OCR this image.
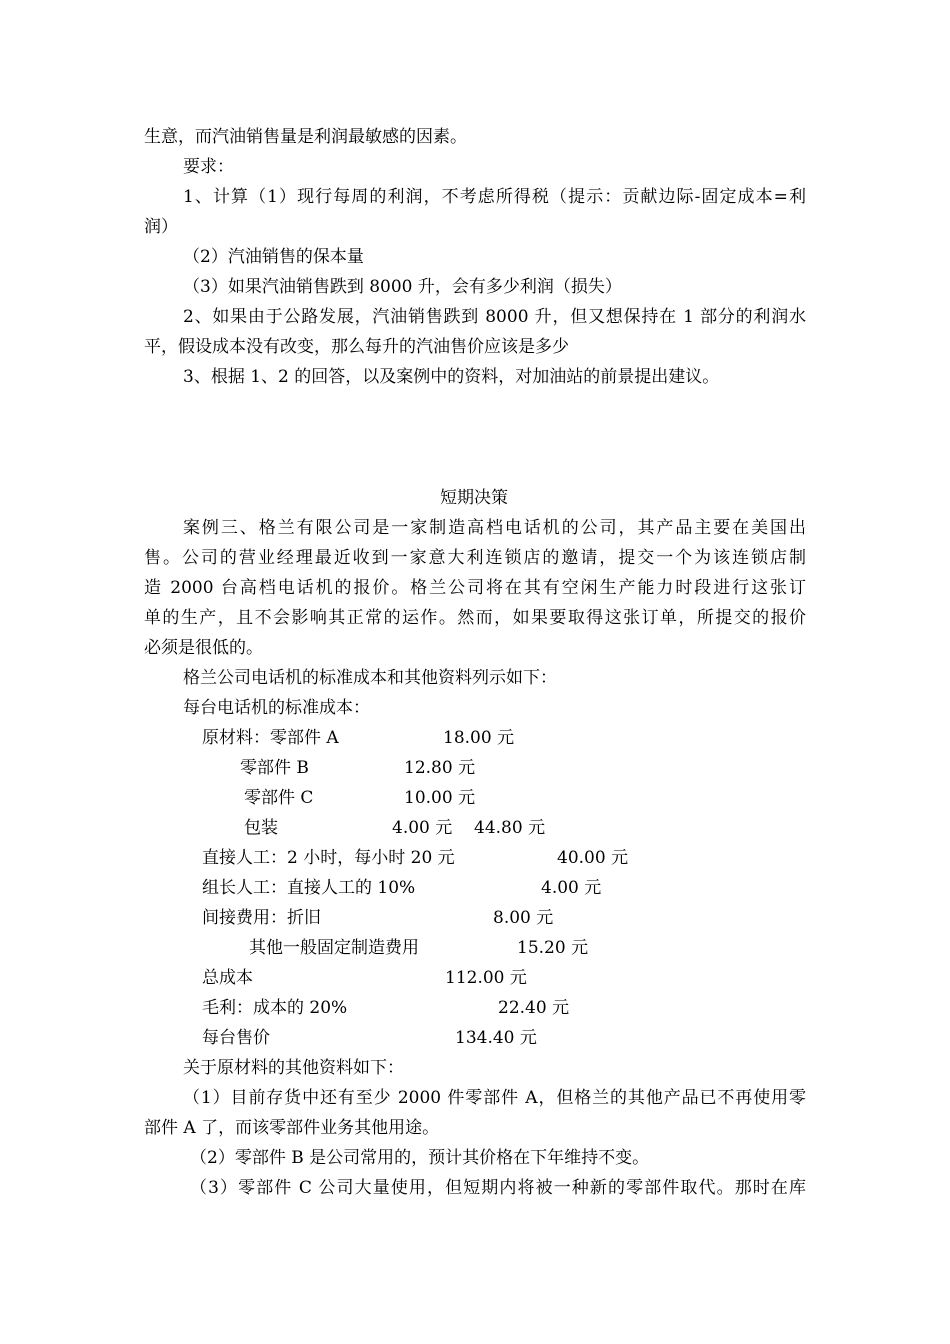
生意，而汽油销售量是利润最敏感的因素。
要求：
1、计算（1）现行每周的利润，不考虑所得税（提示：贡献边际-固定成本=利
润）
（2）汽油销售的保本量
（3）如果汽油销售跌到 8000 升，会有多少利润（损失）
2、如果由于公路发展，汽油销售跌到 8000 升，但又想保持在 1 部分的利润水
平，假设成本没有改变，那么每升的汽油售价应该是多少
3、根据 1、2 的回答，以及案例中的资料，对加油站的前景提出建议。
短期决策
案例三、格兰有限公司是一家制造高档电话机的公司，其产品主要在美国出
售。公司的营业经理最近收到一家意大利连锁店的邀请，提交一个为该连锁店制
造 2000 台高档电话机的报价。格兰公司将在其有空闲生产能力时段进行这张订
单的生产，且不会影响其正常的运作。然而，如果要取得这张订单，所提交的报价
必须是很低的。
格兰公司电话机的标准成本和其他资料列示如下：
每台电话机的标准成本：
原材料：零部件 A	18.00 元
零部件 B	12.80 元
零部件 C	10.00 元
包装	4.00 元 44.80 元
直接人工：2 小时，每小时 20 元	40.00 元
组长人工：直接人工的 10%	4.00 元
间接费用：折旧	8.00 元
其他一般固定制造费用	15.20 元
总成本	112.00 元
毛利：成本的 20%	22.40 元
每台售价	134.40 元
关于原材料的其他资料如下：
（1）目前存货中还有至少 2000 件零部件 A，但格兰的其他产品已不再使用零
部件 A 了，而该零部件业务其他用途。
（2）零部件 B 是公司常用的，预计其价格在下年维持不变。
（3）零部件 C 公司大量使用，但短期内将被一种新的零部件取代。那时在库
